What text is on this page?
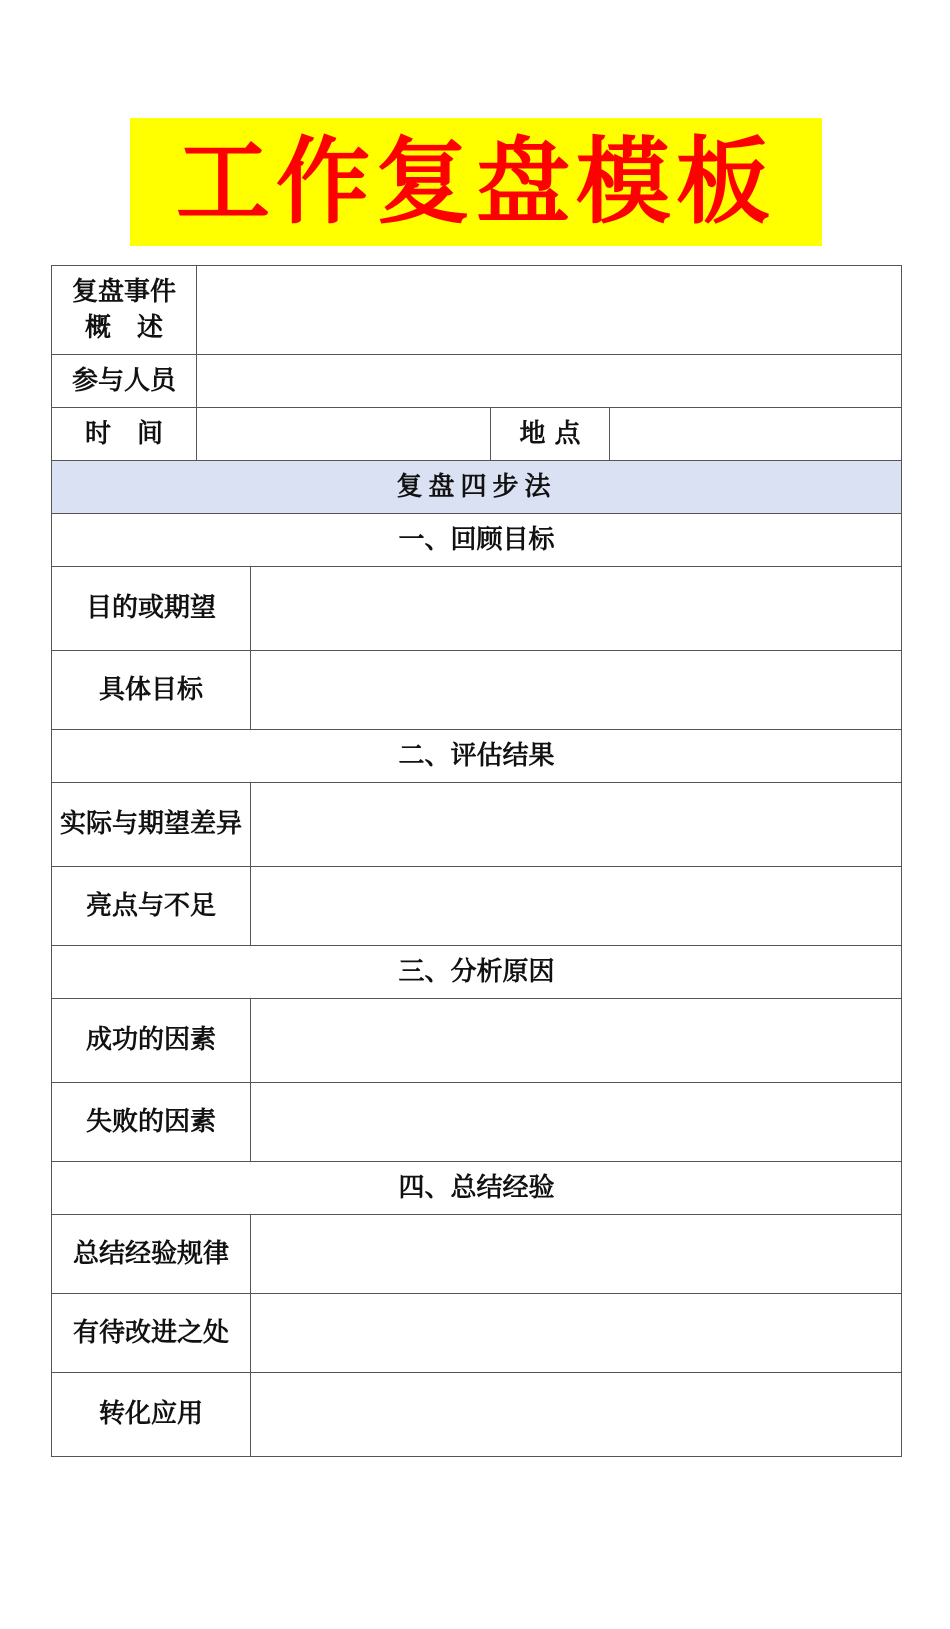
工作复盘模板
复盘事件
概　述				

参与人员				
时　间			地 点	
复盘四步法				
一、回顾目标				
目的或期望				
具体目标				
二、评估结果				
实际与期望差异				
亮点与不足				
三、分析原因				
成功的因素				
失败的因素				
四、总结经验				
总结经验规律				
有待改进之处				
转化应用				
